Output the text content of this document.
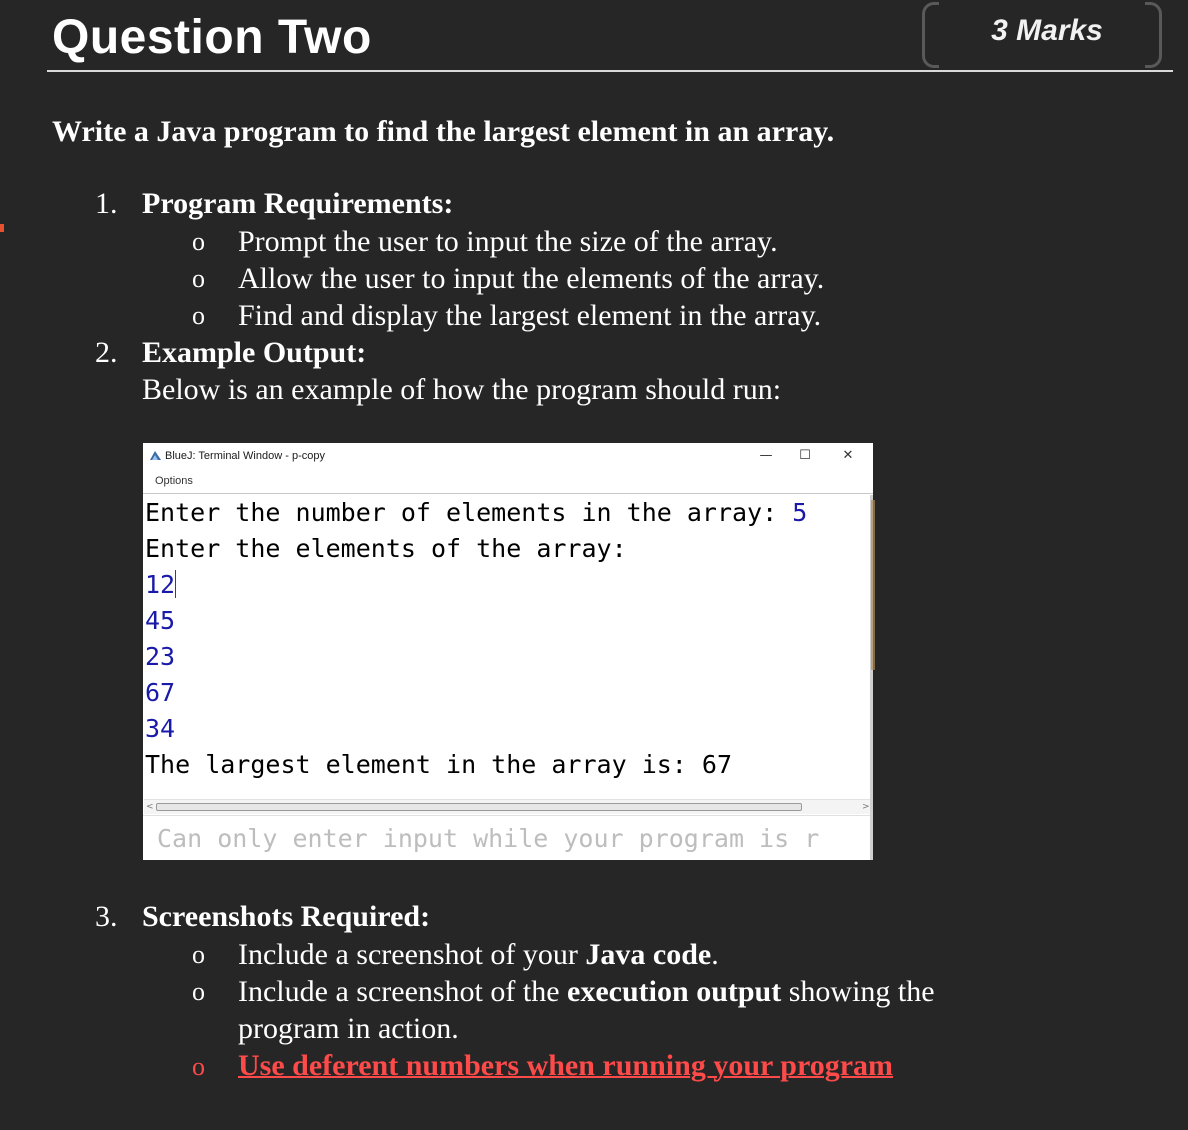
Question Two	3 Marks
Write a Java program to find the largest element in an array.
1. Program Requirements:
o Prompt the user to input the size of the array.
o Allow the user to input the elements of the array.
o Find and display the largest element in the array.
2. Example Output:
Below is an example of how the program should run:
BlueJ: Terminal Window - p-copy	—	☐	✕
Options
Enter the number of elements in the array: 5
Enter the elements of the array:
12
45
23
67
34
The largest element in the array is: 67
<	>
Can only enter input while your program is r
3. Screenshots Required:
o Include a screenshot of your Java code.
o Include a screenshot of the execution output showing the
program in action.
o Use deferent numbers when running your program
